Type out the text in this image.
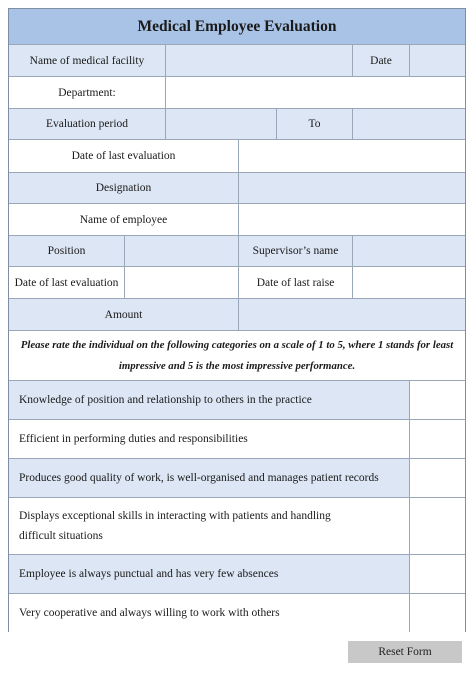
Medical Employee Evaluation
Name of medical facility	Date
Department:
Evaluation period	To
Date of last evaluation
Designation
Name of employee
Position	Supervisor’s name
Date of last evaluation	Date of last raise
Amount
Please rate the individual on the following categories on a scale of 1 to 5, where 1 stands for least impressive and 5 is the most impressive performance.
Knowledge of position and relationship to others in the practice
Efficient in performing duties and responsibilities
Produces good quality of work, is well-organised and manages patient records
Displays exceptional skills in interacting with patients and handling difficult situations
Employee is always punctual and has very few absences
Very cooperative and always willing to work with others
Reset Form
